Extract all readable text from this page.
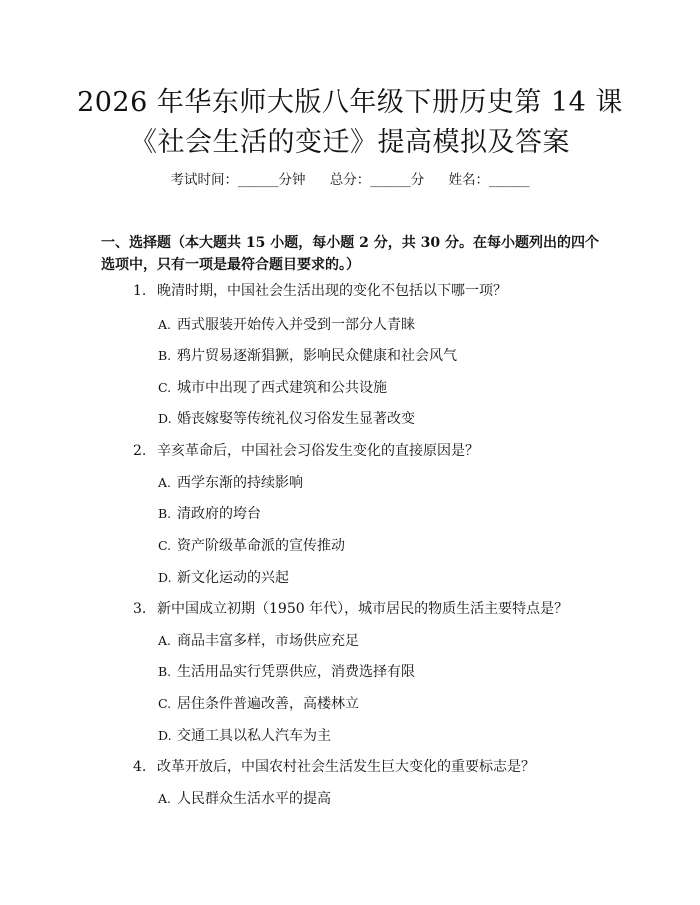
2026 年华东师大版八年级下册历史第 14 课
《社会生活的变迁》提高模拟及答案
考试时间：______分钟 总分：______分 姓名：______
一、选择题（本大题共 15 小题，每小题 2 分，共 30 分。在每小题列出的四个选项中，只有一项是最符合题目要求的。）
1. 晚清时期，中国社会生活出现的变化不包括以下哪一项？
A. 西式服装开始传入并受到一部分人青睐
B. 鸦片贸易逐渐猖獗，影响民众健康和社会风气
C. 城市中出现了西式建筑和公共设施
D. 婚丧嫁娶等传统礼仪习俗发生显著改变
2. 辛亥革命后，中国社会习俗发生变化的直接原因是？
A. 西学东渐的持续影响
B. 清政府的垮台
C. 资产阶级革命派的宣传推动
D. 新文化运动的兴起
3. 新中国成立初期（1950 年代），城市居民的物质生活主要特点是？
A. 商品丰富多样，市场供应充足
B. 生活用品实行凭票供应，消费选择有限
C. 居住条件普遍改善，高楼林立
D. 交通工具以私人汽车为主
4. 改革开放后，中国农村社会生活发生巨大变化的重要标志是？
A. 人民群众生活水平的提高
